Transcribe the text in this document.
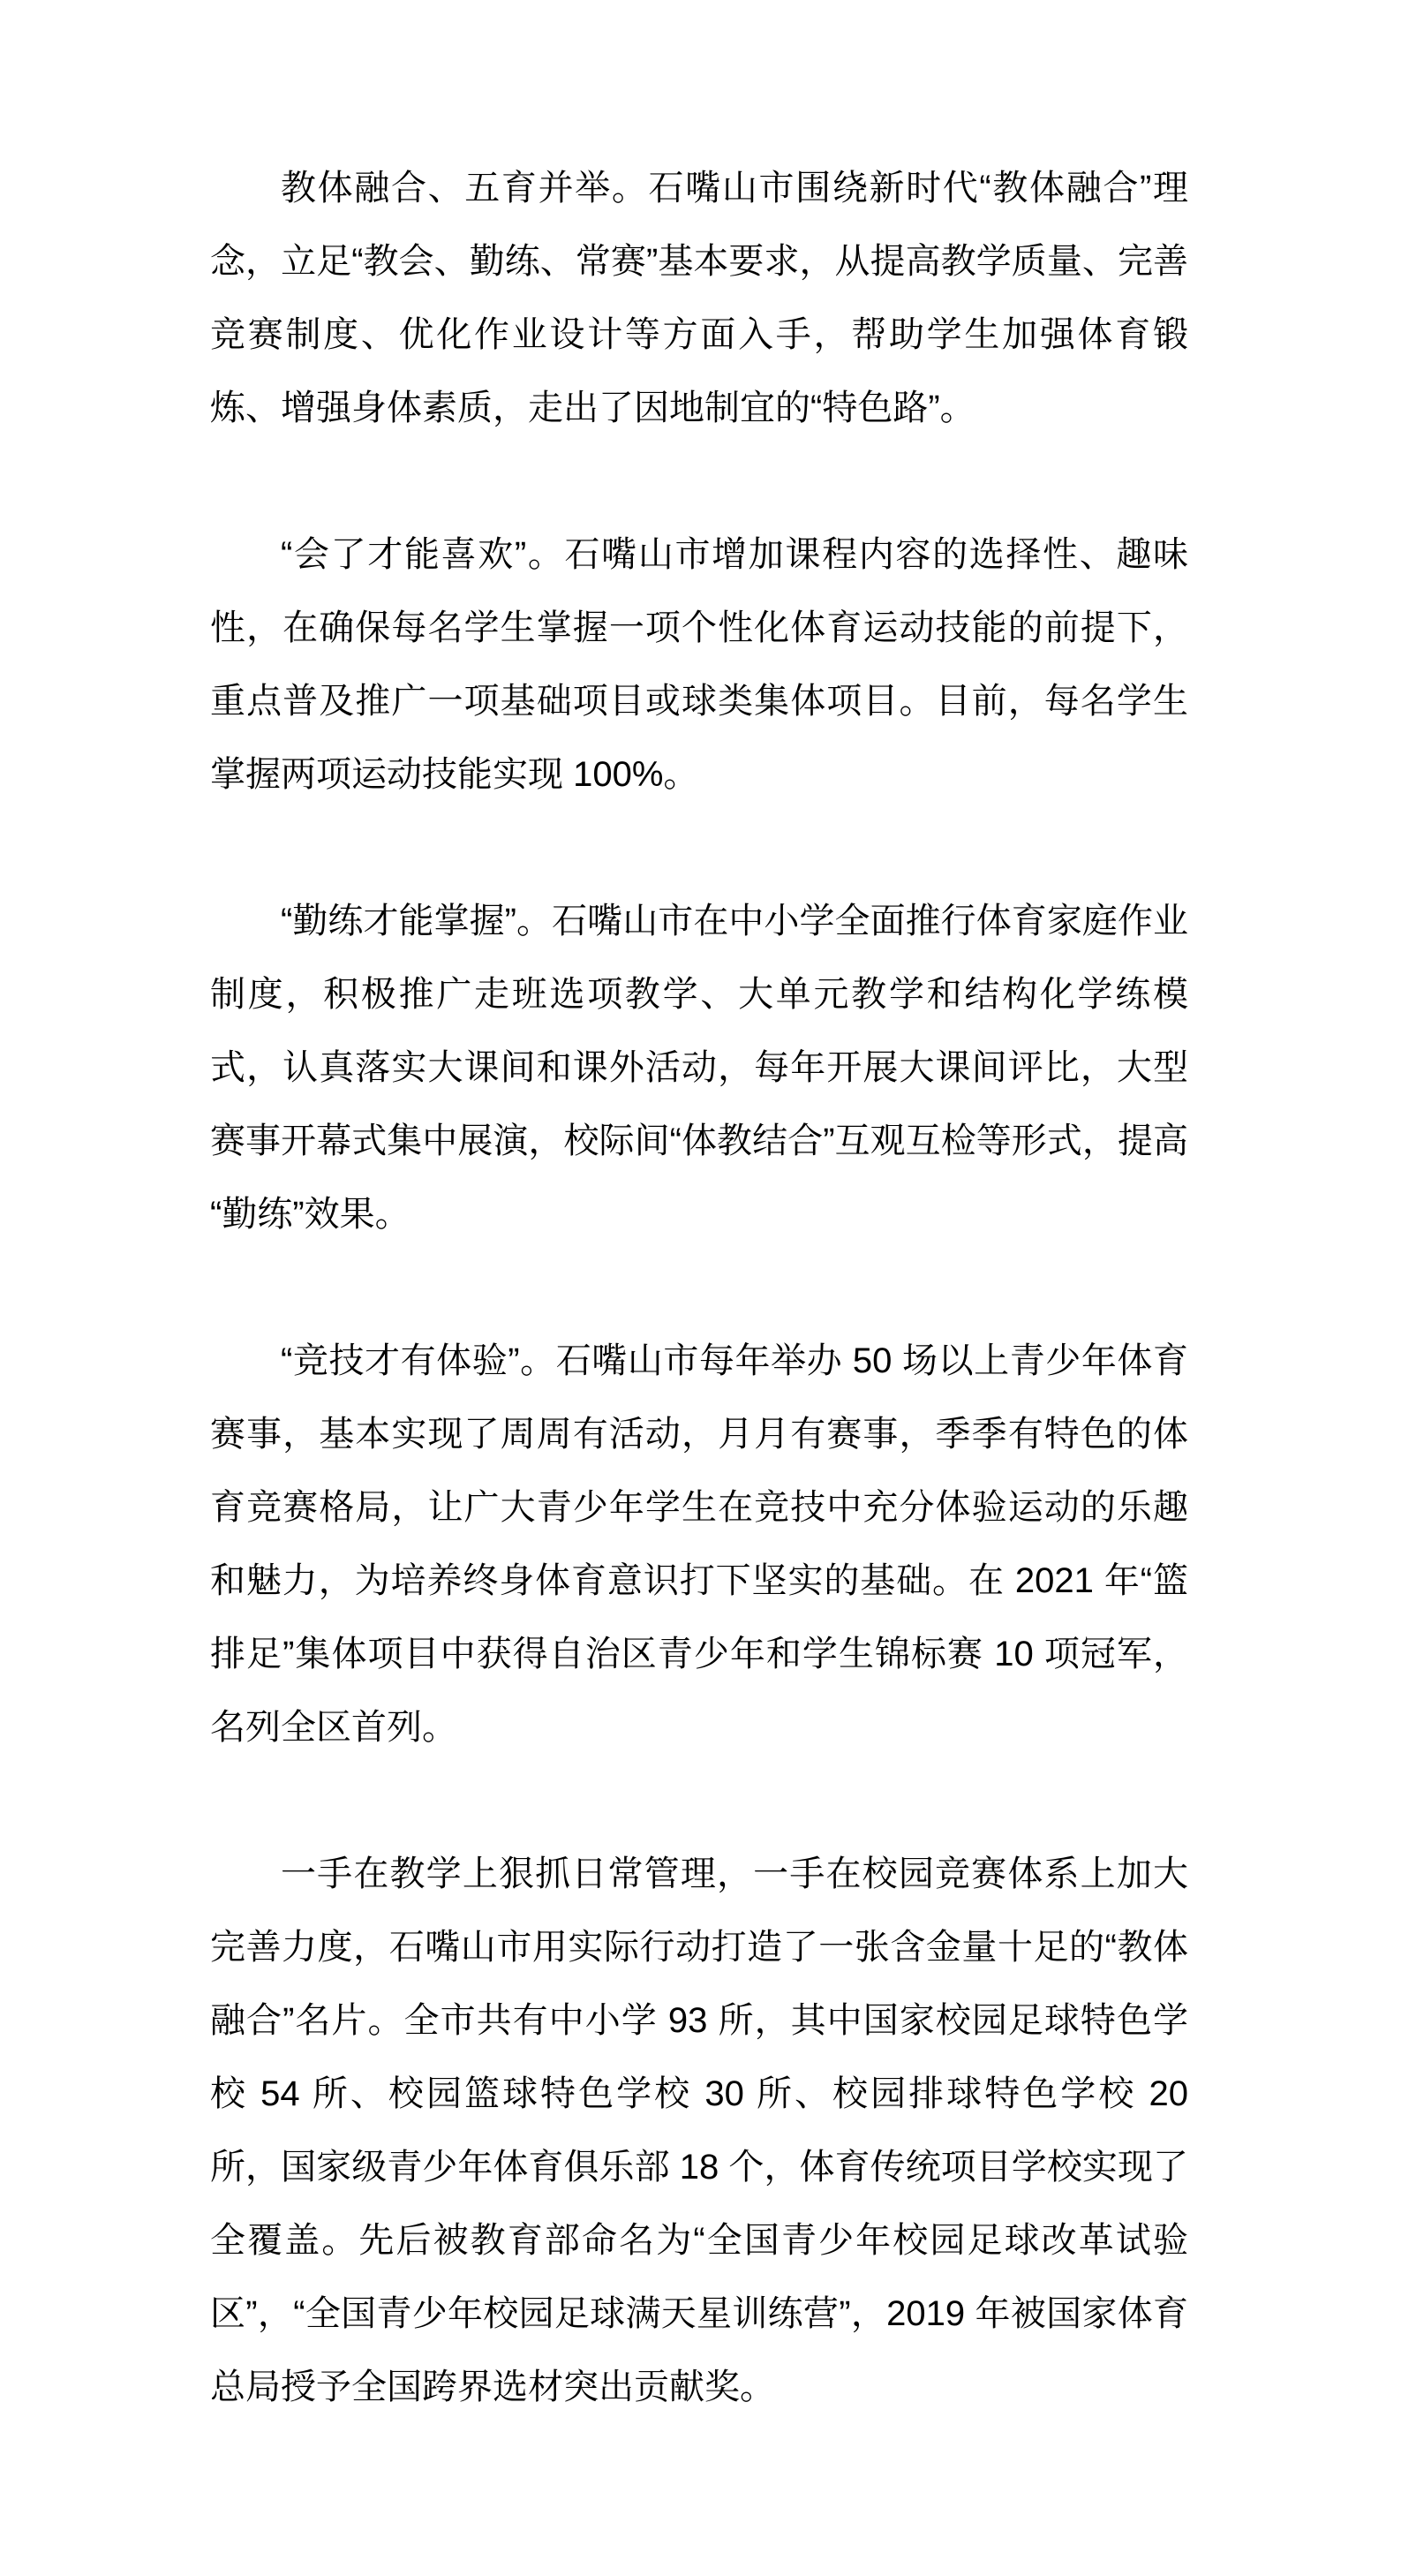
教体融合、五育并举。石嘴山市围绕新时代“教体融合”理念，立足“教会、勤练、常赛”基本要求，从提高教学质量、完善竞赛制度、优化作业设计等方面入手，帮助学生加强体育锻炼、增强身体素质，走出了因地制宜的“特色路”。

“会了才能喜欢”。石嘴山市增加课程内容的选择性、趣味性，在确保每名学生掌握一项个性化体育运动技能的前提下，重点普及推广一项基础项目或球类集体项目。目前，每名学生掌握两项运动技能实现 100%。

“勤练才能掌握”。石嘴山市在中小学全面推行体育家庭作业制度，积极推广走班选项教学、大单元教学和结构化学练模式，认真落实大课间和课外活动，每年开展大课间评比，大型赛事开幕式集中展演，校际间“体教结合”互观互检等形式，提高“勤练”效果。

“竞技才有体验”。石嘴山市每年举办 50 场以上青少年体育赛事，基本实现了周周有活动，月月有赛事，季季有特色的体育竞赛格局，让广大青少年学生在竞技中充分体验运动的乐趣和魅力，为培养终身体育意识打下坚实的基础。在 2021 年“篮排足”集体项目中获得自治区青少年和学生锦标赛 10 项冠军，名列全区首列。

一手在教学上狠抓日常管理，一手在校园竞赛体系上加大完善力度，石嘴山市用实际行动打造了一张含金量十足的“教体融合”名片。全市共有中小学 93 所，其中国家校园足球特色学校 54 所、校园篮球特色学校 30 所、校园排球特色学校 20 所，国家级青少年体育俱乐部 18 个，体育传统项目学校实现了全覆盖。先后被教育部命名为“全国青少年校园足球改革试验区”，“全国青少年校园足球满天星训练营”，2019 年被国家体育总局授予全国跨界选材突出贡献奖。
